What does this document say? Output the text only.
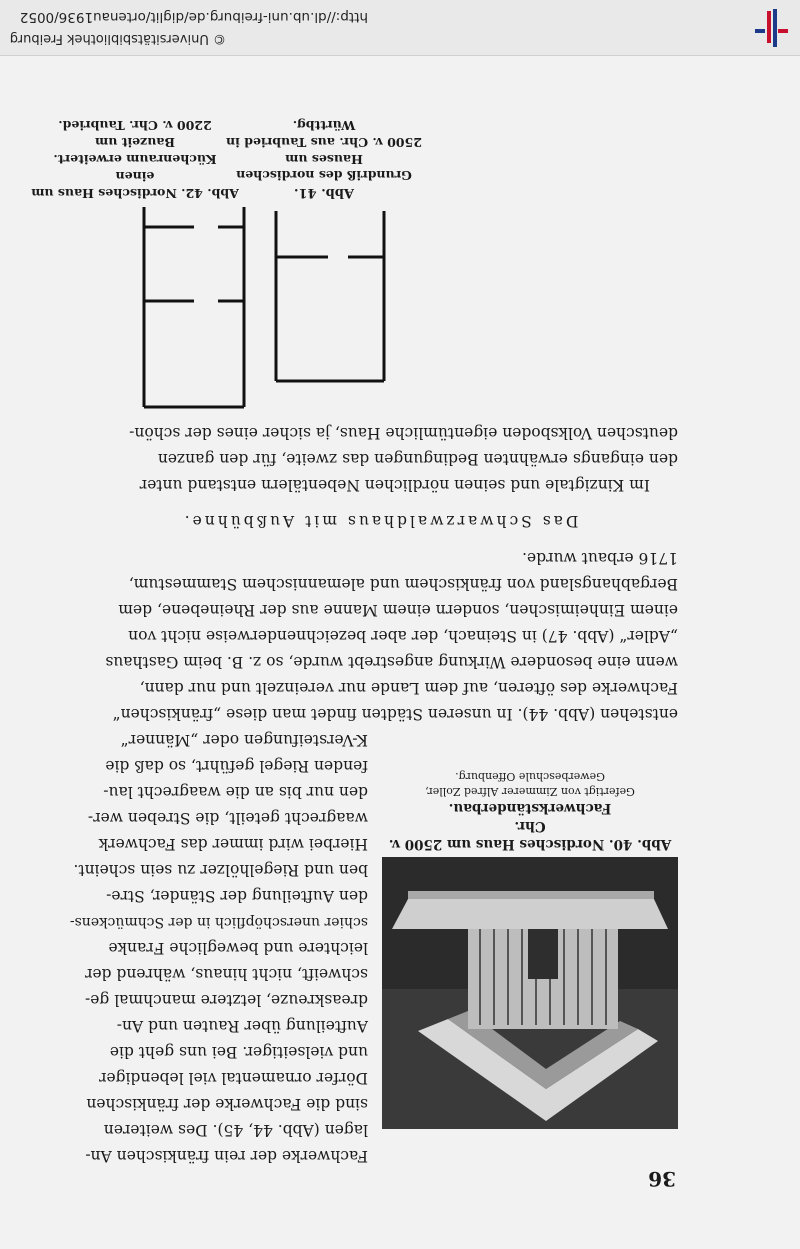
http://dl.ub.uni-freiburg.de/diglit/ortenau1936/0052
© Universitätsbibliothek Freiburg
36
Abb. 40. Nordisches Haus um 2500 v. Chr.
Fachwerkständerbau.
Gefertigt von Zimmerer Alfred Zoller,
Gewerbeschule Offenburg.
Fachwerke der rein fränkischen An-
lagen (Abb. 44, 45). Des weiteren
sind die Fachwerke der fränkischen
Dörfer ornamental viel lebendiger
und vielseitiger. Bei uns geht die
Aufteilung über Rauten und An-
dreaskreuze, letztere manchmal ge-
schweift, nicht hinaus, während der
leichtere und bewegliche Franke
schier unerschöpflich in der Schmückens-
den Aufteilung der Ständer, Stre-
ben und Riegelhölzer zu sein scheint.
Hierbei wird immer das Fachwerk
waagrecht geteilt, die Streben wer-
den nur bis an die waagrecht lau-
fenden Riegel geführt, so daß die
K-Versteifungen oder „Männer“
entstehen (Abb. 44). In unseren Städten findet man diese „fränkischen“
Fachwerke des öfteren, auf dem Lande nur vereinzelt und nur dann,
wenn eine besondere Wirkung angestrebt wurde, so z. B. beim Gasthaus
„Adler“ (Abb. 47) in Steinach, der aber bezeichnenderweise nicht von
einem Einheimischen, sondern einem Manne aus der Rheinebene, dem
Bergabhangsland von fränkischem und alemannischem Stammestum,
1716 erbaut wurde.
Das Schwarzwaldhaus mit Außbühne.
Im Kinzigtale und seinen nördlichen Nebentälern entstand unter
den eingangs erwähnten Bedingungen das zweite, für den ganzen
deutschen Volksboden eigentümliche Haus, ja sicher eines der schön-
Abb. 41.
Grundriß des nordischen Hauses um
2500 v. Chr. aus Taubried in Württbg.
Abb. 42. Nordisches Haus um einen
Küchenraum erweitert. Bauzeit um
2200 v. Chr. Taubried.
